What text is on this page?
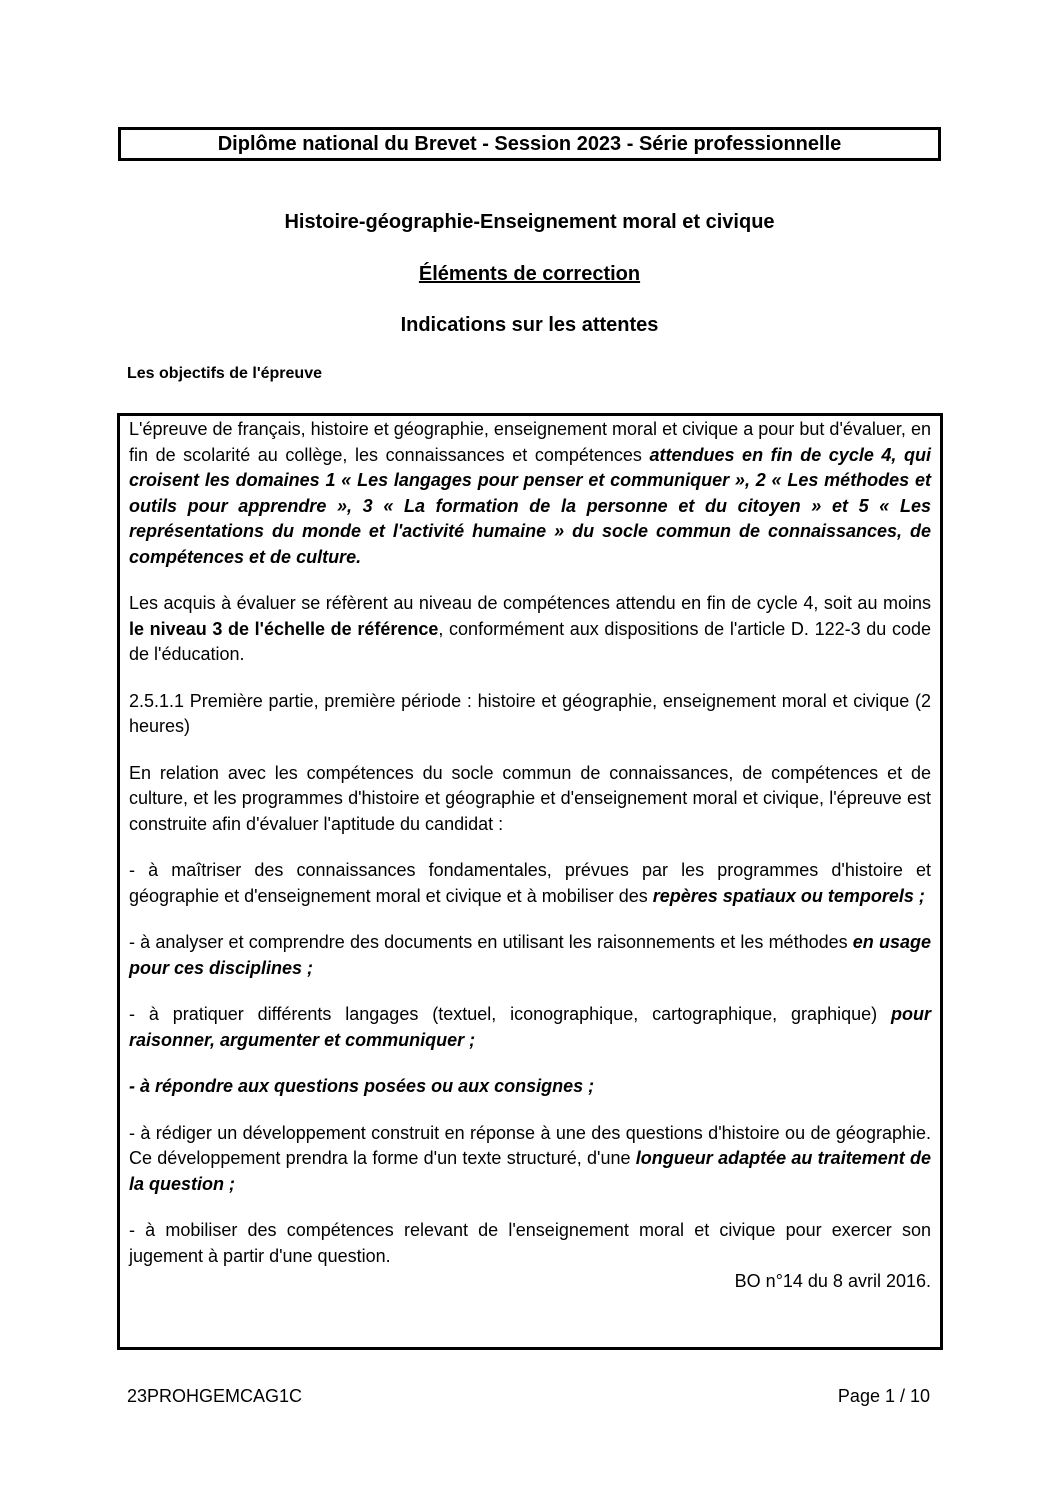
Diplôme national du Brevet - Session 2023 - Série professionnelle
Histoire-géographie-Enseignement moral et civique
Éléments de correction
Indications sur les attentes
Les objectifs de l'épreuve

L'épreuve de français, histoire et géographie, enseignement moral et civique a pour but d'évaluer, en fin de scolarité au collège, les connaissances et compétences attendues en fin de cycle 4, qui croisent les domaines 1 « Les langages pour penser et communiquer », 2 « Les méthodes et outils pour apprendre », 3 « La formation de la personne et du citoyen » et 5 « Les représentations du monde et l'activité humaine » du socle commun de connaissances, de compétences et de culture.

Les acquis à évaluer se réfèrent au niveau de compétences attendu en fin de cycle 4, soit au moins le niveau 3 de l'échelle de référence, conformément aux dispositions de l'article D. 122-3 du code de l'éducation.

2.5.1.1 Première partie, première période : histoire et géographie, enseignement moral et civique (2 heures)

En relation avec les compétences du socle commun de connaissances, de compétences et de culture, et les programmes d'histoire et géographie et d'enseignement moral et civique, l'épreuve est construite afin d'évaluer l'aptitude du candidat :

- à maîtriser des connaissances fondamentales, prévues par les programmes d'histoire et géographie et d'enseignement moral et civique et à mobiliser des repères spatiaux ou temporels ;

- à analyser et comprendre des documents en utilisant les raisonnements et les méthodes en usage pour ces disciplines ;

- à pratiquer différents langages (textuel, iconographique, cartographique, graphique) pour raisonner, argumenter et communiquer ;

- à répondre aux questions posées ou aux consignes ;

- à rédiger un développement construit en réponse à une des questions d'histoire ou de géographie. Ce développement prendra la forme d'un texte structuré, d'une longueur adaptée au traitement de la question ;

- à mobiliser des compétences relevant de l'enseignement moral et civique pour exercer son jugement à partir d'une question.

BO n°14 du 8 avril 2016.

23PROHGEMCAG1C	Page 1 / 10
